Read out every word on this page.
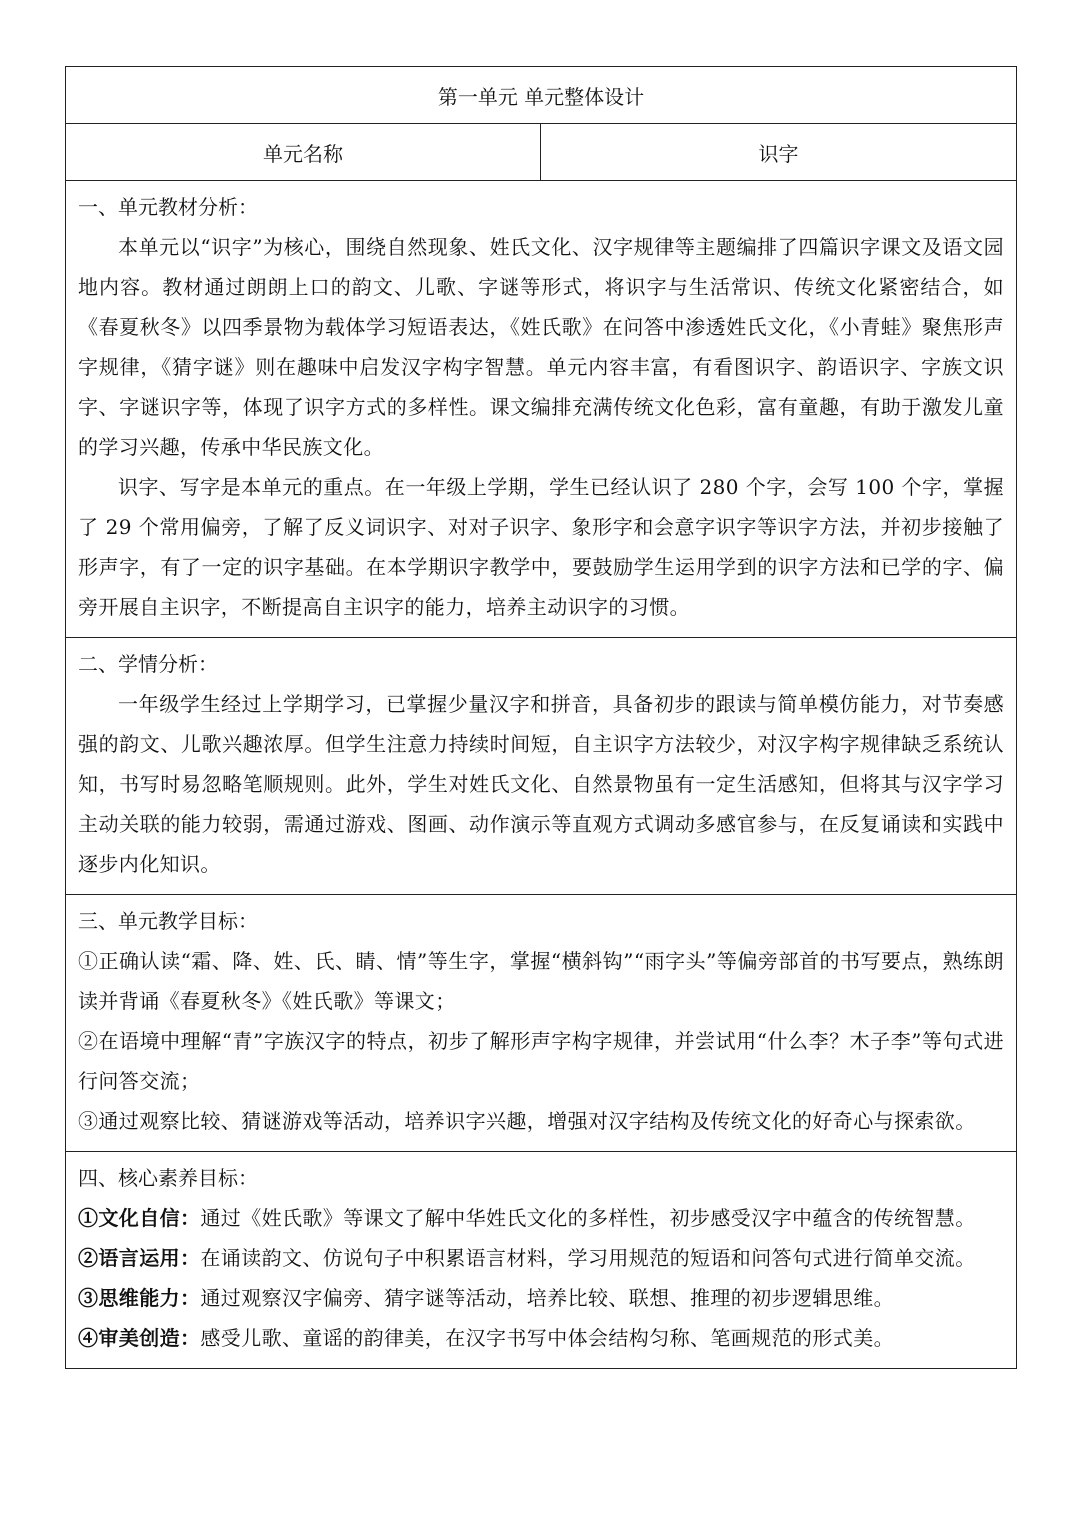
第一单元 单元整体设计
单元名称	识字

一、单元教材分析：

本单元以“识字”为核心，围绕自然现象、姓氏文化、汉字规律等主题编排了四篇识字课文及语文园地内容。教材通过朗朗上口的韵文、儿歌、字谜等形式，将识字与生活常识、传统文化紧密结合，如《春夏秋冬》以四季景物为载体学习短语表达，《姓氏歌》在问答中渗透姓氏文化，《小青蛙》聚焦形声字规律，《猜字谜》则在趣味中启发汉字构字智慧。单元内容丰富，有看图识字、韵语识字、字族文识字、字谜识字等，体现了识字方式的多样性。课文编排充满传统文化色彩，富有童趣，有助于激发儿童的学习兴趣，传承中华民族文化。

识字、写字是本单元的重点。在一年级上学期，学生已经认识了 280 个字，会写 100 个字，掌握了 29 个常用偏旁，了解了反义词识字、对对子识字、象形字和会意字识字等识字方法，并初步接触了形声字，有了一定的识字基础。在本学期识字教学中，要鼓励学生运用学到的识字方法和已学的字、偏旁开展自主识字，不断提高自主识字的能力，培养主动识字的习惯。

二、学情分析：

一年级学生经过上学期学习，已掌握少量汉字和拼音，具备初步的跟读与简单模仿能力，对节奏感强的韵文、儿歌兴趣浓厚。但学生注意力持续时间短，自主识字方法较少，对汉字构字规律缺乏系统认知，书写时易忽略笔顺规则。此外，学生对姓氏文化、自然景物虽有一定生活感知，但将其与汉字学习主动关联的能力较弱，需通过游戏、图画、动作演示等直观方式调动多感官参与，在反复诵读和实践中逐步内化知识。

三、单元教学目标：

①正确认读“霜、降、姓、氏、睛、情”等生字，掌握“横斜钩”“雨字头”等偏旁部首的书写要点，熟练朗读并背诵《春夏秋冬》《姓氏歌》等课文；

②在语境中理解“青”字族汉字的特点，初步了解形声字构字规律，并尝试用“什么李？木子李”等句式进行问答交流；

③通过观察比较、猜谜游戏等活动，培养识字兴趣，增强对汉字结构及传统文化的好奇心与探索欲。

四、核心素养目标：

①文化自信：通过《姓氏歌》等课文了解中华姓氏文化的多样性，初步感受汉字中蕴含的传统智慧。

②语言运用：在诵读韵文、仿说句子中积累语言材料，学习用规范的短语和问答句式进行简单交流。

③思维能力：通过观察汉字偏旁、猜字谜等活动，培养比较、联想、推理的初步逻辑思维。

④审美创造：感受儿歌、童谣的韵律美，在汉字书写中体会结构匀称、笔画规范的形式美。
